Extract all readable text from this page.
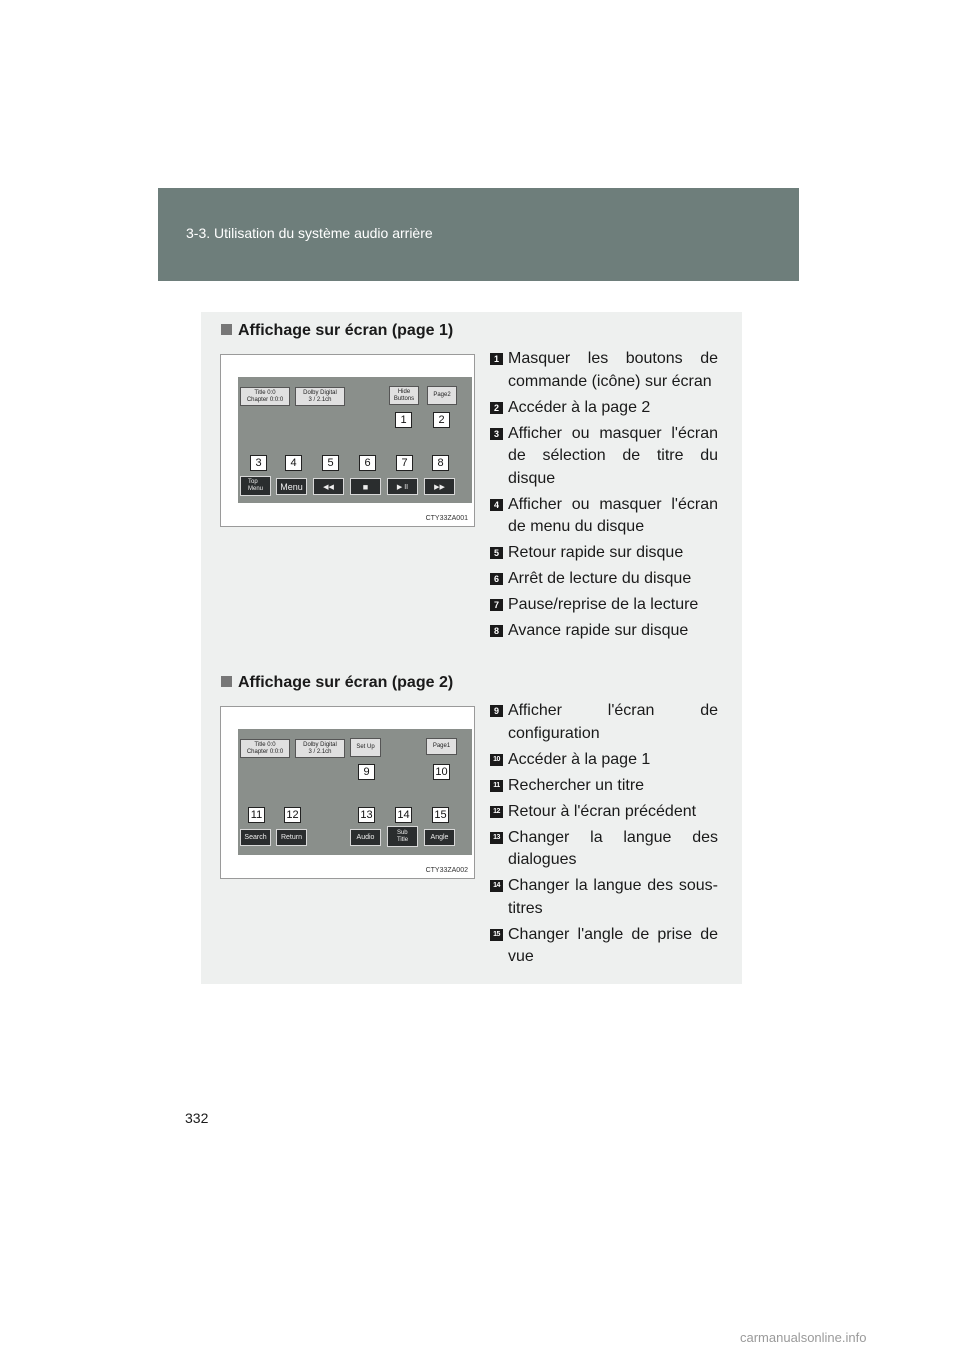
3-3. Utilisation du système audio arrière
Affichage sur écran (page 1)
Title 0:0
Chapter 0:0:0
Dolby Digital
3 / 2.1ch
Hide
Buttons
Page2
1	2
3	4	5	6	7	8
Top
Menu	Menu	◀◀	■	▶ II	▶▶
CTY33ZA001
1 Masquer les boutons de commande (icône) sur écran
2 Accéder à la page 2
3 Afficher ou masquer l'écran de sélection de titre du disque
4 Afficher ou masquer l'écran de menu du disque
5 Retour rapide sur disque
6 Arrêt de lecture du disque
7 Pause/reprise de la lecture
8 Avance rapide sur disque
Affichage sur écran (page 2)
Title 0:0
Chapter 0:0:0
Dolby Digital
3 / 2.1ch
Set Up	Page1
9	10
11 12	13 14 15
Search	Return	Audio
Sub
Title	Angle
CTY33ZA002
9 Afficher l'écran de configuration
10 Accéder à la page 1
11 Rechercher un titre
12 Retour à l'écran précédent
13 Changer la langue des dialogues
14 Changer la langue des sous-titres
15 Changer l'angle de prise de vue
332
carmanualsonline.info
